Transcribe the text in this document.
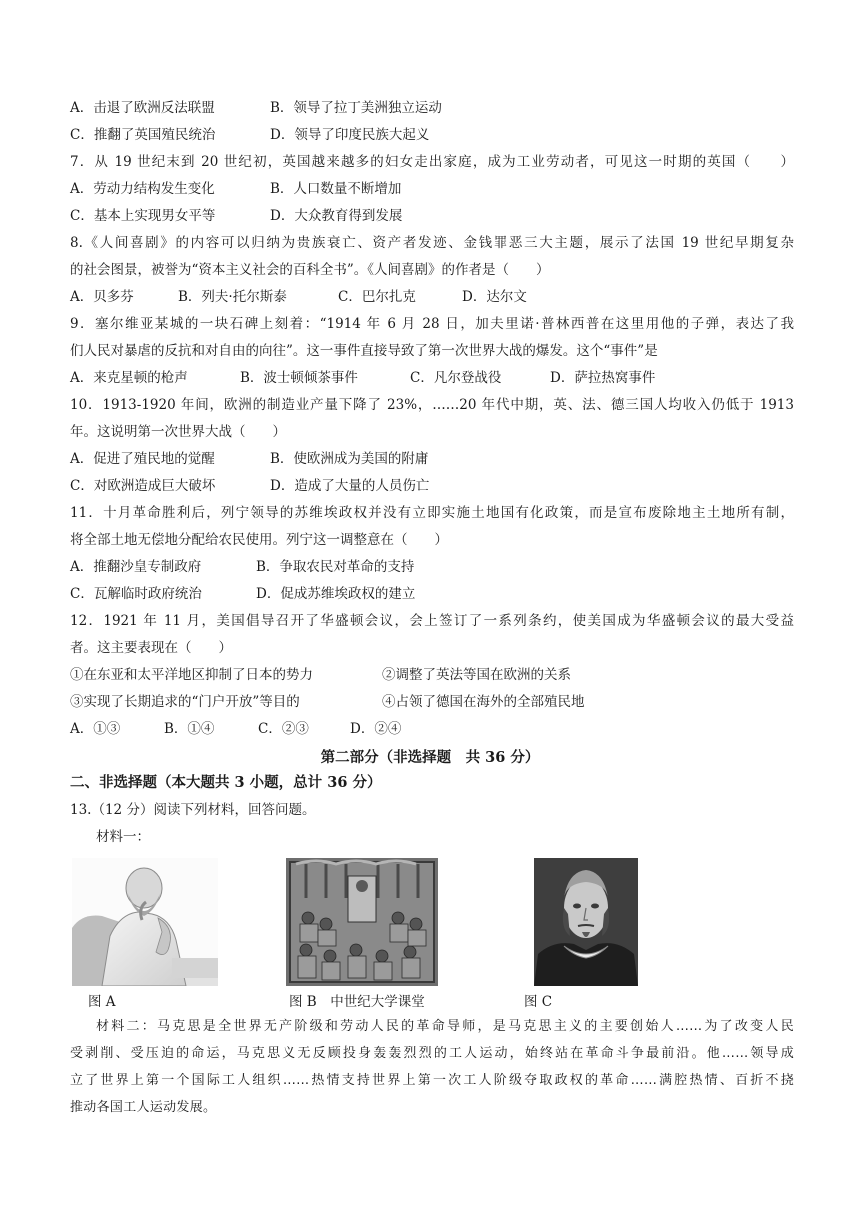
A．击退了欧洲反法联盟	B．领导了拉丁美洲独立运动
C．推翻了英国殖民统治	D．领导了印度民族大起义
7．从 19 世纪末到 20 世纪初，英国越来越多的妇女走出家庭，成为工业劳动者，可见这一时期的英国（　　）
A．劳动力结构发生变化	B．人口数量不断增加
C．基本上实现男女平等	D．大众教育得到发展
8.《人间喜剧》的内容可以归纳为贵族衰亡、资产者发迹、金钱罪恶三大主题，展示了法国 19 世纪早期复杂
的社会图景，被誉为“资本主义社会的百科全书”。《人间喜剧》的作者是（　　）
A．贝多芬	B．列夫·托尔斯泰	C．巴尔扎克	D．达尔文
9．塞尔维亚某城的一块石碑上刻着：“1914 年 6 月 28 日，加夫里诺·普林西普在这里用他的子弹，表达了我
们人民对暴虐的反抗和对自由的向往”。这一事件直接导致了第一次世界大战的爆发。这个“事件”是
A．来克星顿的枪声	B．波士顿倾茶事件	C．凡尔登战役	D．萨拉热窝事件
10．1913-1920 年间，欧洲的制造业产量下降了 23%，……20 年代中期，英、法、德三国人均收入仍低于 1913
年。这说明第一次世界大战（　　）
A．促进了殖民地的觉醒	B．使欧洲成为美国的附庸
C．对欧洲造成巨大破坏	D．造成了大量的人员伤亡
11．十月革命胜利后，列宁领导的苏维埃政权并没有立即实施土地国有化政策，而是宣布废除地主土地所有制，
将全部土地无偿地分配给农民使用。列宁这一调整意在（　　）
A．推翻沙皇专制政府	B．争取农民对革命的支持
C．瓦解临时政府统治	D．促成苏维埃政权的建立
12．1921 年 11 月，美国倡导召开了华盛顿会议，会上签订了一系列条约，使美国成为华盛顿会议的最大受益
者。这主要表现在（　　）
①在东亚和太平洋地区抑制了日本的势力	②调整了英法等国在欧洲的关系
③实现了长期追求的“门户开放”等目的	④占领了德国在海外的全部殖民地
A．①③	B．①④	C．②③	D．②④
第二部分（非选择题　共 36 分）
二、非选择题（本大题共 3 小题，总计 36 分）
13.（12 分）阅读下列材料，回答问题。
材料一：
图 A	图 B　中世纪大学课堂	图 C
材料二：马克思是全世界无产阶级和劳动人民的革命导师，是马克思主义的主要创始人……为了改变人民
受剥削、受压迫的命运，马克思义无反顾投身轰轰烈烈的工人运动，始终站在革命斗争最前沿。他……领导成
立了世界上第一个国际工人组织……热情支持世界上第一次工人阶级夺取政权的革命……满腔热情、百折不挠
推动各国工人运动发展。
